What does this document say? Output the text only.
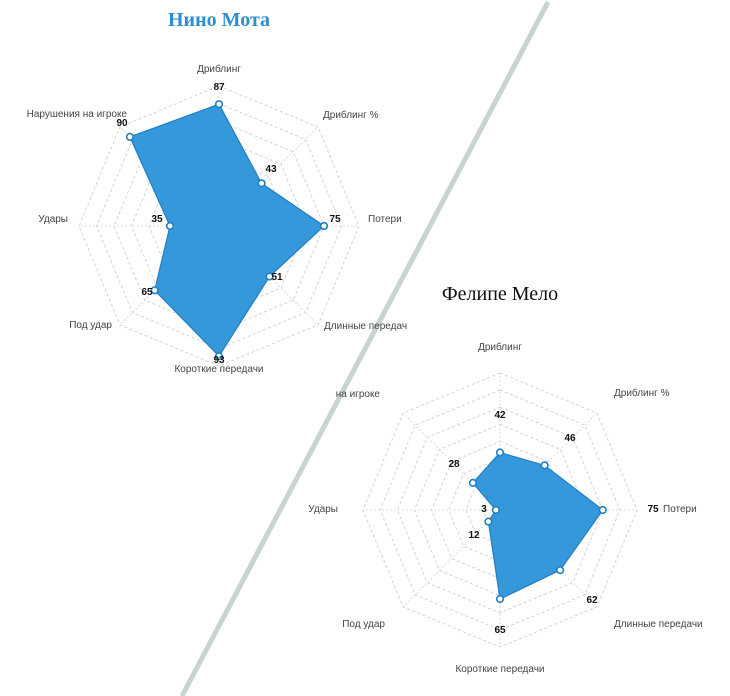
Нино Мота
Дриблинг
Дриблинг %
Потери
Длинные передач
Короткие передачи
Под удар
Удары
Нарушения на игроке
87
43
75
51
93
65
35
90
Фелипе Мело
Дриблинг
Дриблинг %
Потери
Длинные передачи
Короткие передачи
Под удар
Удары
на игроке
42
46
75
62
65
12
3
28
